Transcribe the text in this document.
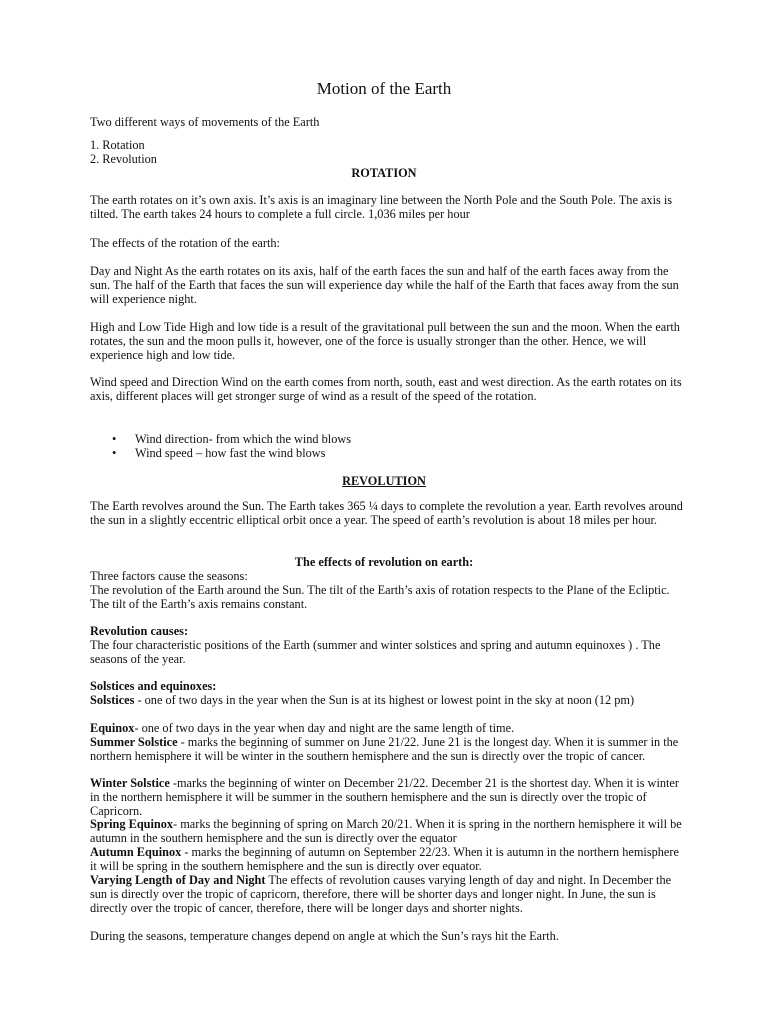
Motion of the Earth
Two different ways of movements of the Earth
1. Rotation
2. Revolution
ROTATION
The earth rotates on it’s own axis. It’s axis is an imaginary line between the North Pole and the South Pole. The axis is tilted. The earth takes 24 hours to complete a full circle. 1,036 miles per hour
The effects of the rotation of the earth:
Day and Night As the earth rotates on its axis, half of the earth faces the sun and half of the earth faces away from the sun. The half of the Earth that faces the sun will experience day while the half of the Earth that faces away from the sun will experience night.
High and Low Tide High and low tide is a result of the gravitational pull between the sun and the moon. When the earth rotates, the sun and the moon pulls it, however, one of the force is usually stronger than the other. Hence, we will experience high and low tide.
Wind speed and Direction Wind on the earth comes from north, south, east and west direction. As the earth rotates on its axis, different places will get stronger surge of wind as a result of the speed of the rotation.
• Wind direction- from which the wind blows
• Wind speed – how fast the wind blows
REVOLUTION
The Earth revolves around the Sun. The Earth takes 365 ¼ days to complete the revolution a year. Earth revolves around the sun in a slightly eccentric elliptical orbit once a year. The speed of earth’s revolution is about 18 miles per hour.
The effects of revolution on earth:
Three factors cause the seasons:
The revolution of the Earth around the Sun. The tilt of the Earth’s axis of rotation respects to the Plane of the Ecliptic. The tilt of the Earth’s axis remains constant.
Revolution causes:
The four characteristic positions of the Earth (summer and winter solstices and spring and autumn equinoxes ) . The seasons of the year.
Solstices and equinoxes:
Solstices - one of two days in the year when the Sun is at its highest or lowest point in the sky at noon (12 pm)
Equinox- one of two days in the year when day and night are the same length of time.
Summer Solstice - marks the beginning of summer on June 21/22. June 21 is the longest day. When it is summer in the northern hemisphere it will be winter in the southern hemisphere and the sun is directly over the tropic of cancer.
Winter Solstice -marks the beginning of winter on December 21/22. December 21 is the shortest day. When it is winter in the northern hemisphere it will be summer in the southern hemisphere and the sun is directly over the tropic of Capricorn.
Spring Equinox- marks the beginning of spring on March 20/21. When it is spring in the northern hemisphere it will be autumn in the southern hemisphere and the sun is directly over the equator
Autumn Equinox - marks the beginning of autumn on September 22/23. When it is autumn in the northern hemisphere it will be spring in the southern hemisphere and the sun is directly over equator.
Varying Length of Day and Night The effects of revolution causes varying length of day and night. In December the sun is directly over the tropic of capricorn, therefore, there will be shorter days and longer night. In June, the sun is directly over the tropic of cancer, therefore, there will be longer days and shorter nights.
During the seasons, temperature changes depend on angle at which the Sun’s rays hit the Earth.
